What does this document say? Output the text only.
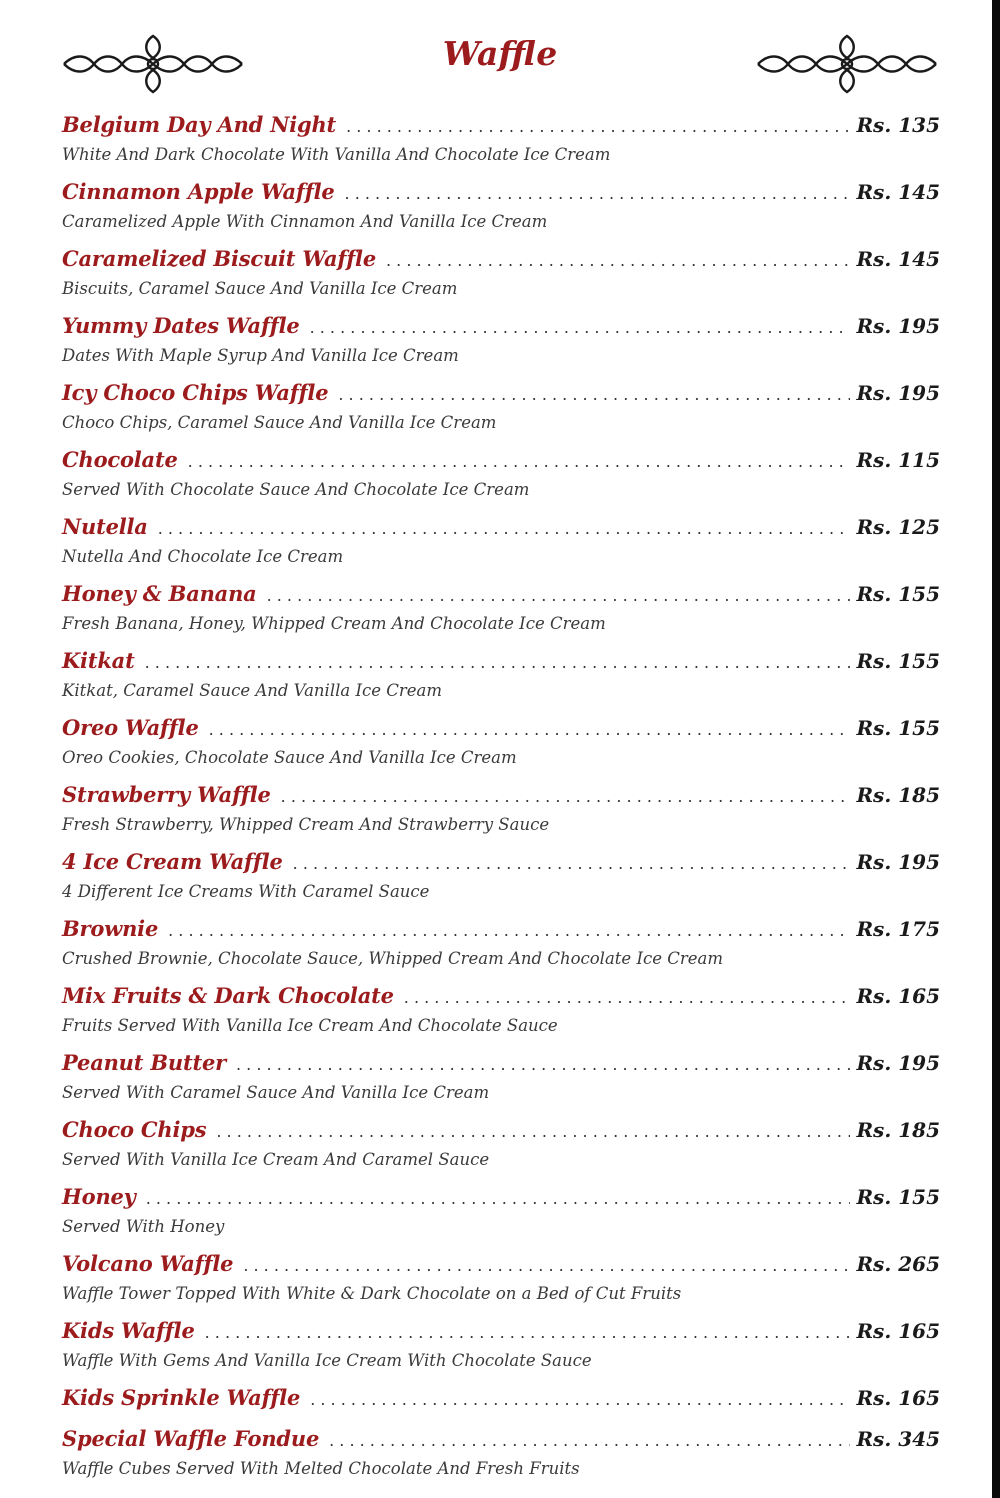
Waffle
Belgium Day And Night . . .	Rs. 135
White And Dark Chocolate With Vanilla And Chocolate Ice Cream
Cinnamon Apple Waffle . . .	Rs. 145
Caramelized Apple With Cinnamon And Vanilla Ice Cream
Caramelized Biscuit Waffle . . .	Rs. 145
Biscuits, Caramel Sauce And Vanilla Ice Cream
Yummy Dates Waffle . . .	Rs. 195
Dates With Maple Syrup And Vanilla Ice Cream
Icy Choco Chips Waffle . . .	Rs. 195
Choco Chips, Caramel Sauce And Vanilla Ice Cream
Chocolate . . .	Rs. 115
Served With Chocolate Sauce And Chocolate Ice Cream
Nutella . . .	Rs. 125
Nutella And Chocolate Ice Cream
Honey & Banana . . .	Rs. 155
Fresh Banana, Honey, Whipped Cream And Chocolate Ice Cream
Kitkat . . .	Rs. 155
Kitkat, Caramel Sauce And Vanilla Ice Cream
Oreo Waffle . . .	Rs. 155
Oreo Cookies, Chocolate Sauce And Vanilla Ice Cream
Strawberry Waffle . . .	Rs. 185
Fresh Strawberry, Whipped Cream And Strawberry Sauce
4 Ice Cream Waffle . . .	Rs. 195
4 Different Ice Creams With Caramel Sauce
Brownie . . .	Rs. 175
Crushed Brownie, Chocolate Sauce, Whipped Cream And Chocolate Ice Cream
Mix Fruits & Dark Chocolate . . .	Rs. 165
Fruits Served With Vanilla Ice Cream And Chocolate Sauce
Peanut Butter . . .	Rs. 195
Served With Caramel Sauce And Vanilla Ice Cream
Choco Chips . . .	Rs. 185
Served With Vanilla Ice Cream And Caramel Sauce
Honey . . .	Rs. 155
Served With Honey
Volcano Waffle . . .	Rs. 265
Waffle Tower Topped With White & Dark Chocolate on a Bed of Cut Fruits
Kids Waffle . . .	Rs. 165
Waffle With Gems And Vanilla Ice Cream With Chocolate Sauce
Kids Sprinkle Waffle . . .	Rs. 165
Special Waffle Fondue . . .	Rs. 345
Waffle Cubes Served With Melted Chocolate And Fresh Fruits
